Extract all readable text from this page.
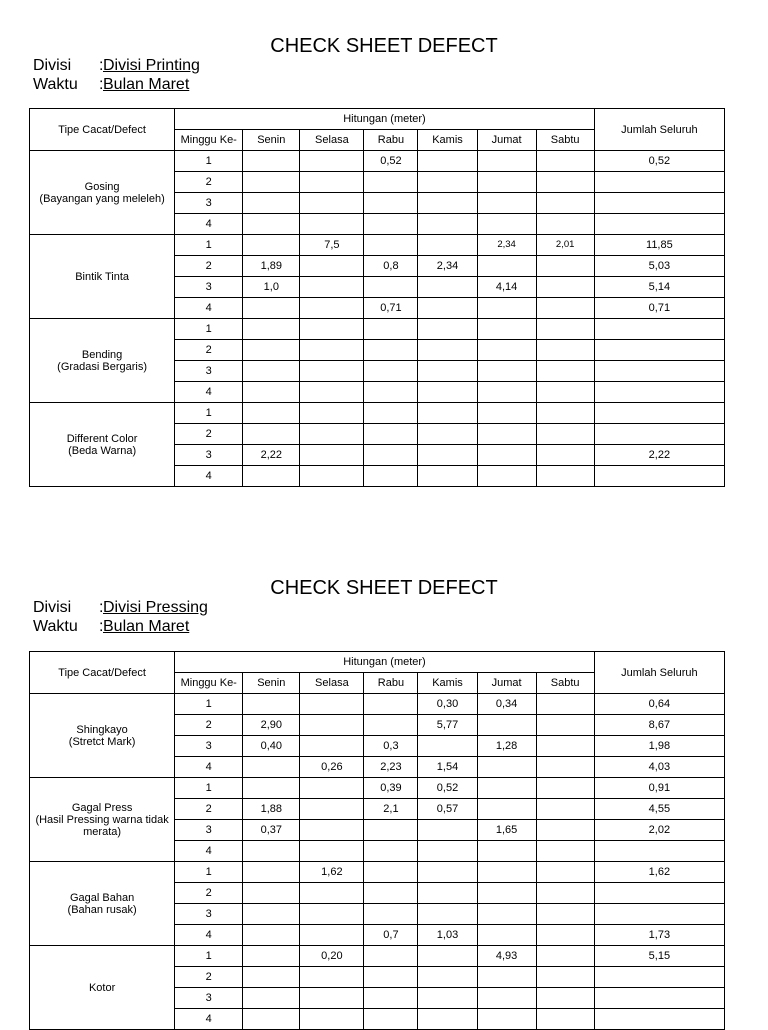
CHECK SHEET DEFECT
Divisi	: Divisi Printing
Waktu	: Bulan Maret
Tipe Cacat/Defect	Hitungan (meter)							Jumlah Seluruh
	Minggu Ke-	Senin	Selasa	Rabu	Kamis	Jumat	Sabtu	

Gosing
(Bayangan yang meleleh)	1			0,52				0,52
	2							
	3							
	4							

Bintik Tinta	1		7,5			2,34	2,01	11,85
	2	1,89		0,8	2,34			5,03
	3	1,0				4,14		5,14
	4			0,71				0,71

Bending
(Gradasi Bergaris)	1							
	2							
	3							
	4							

Different Color
(Beda Warna)	1							
	2							
	3	2,22						2,22
	4							
CHECK SHEET DEFECT
Divisi	: Divisi Pressing
Waktu	: Bulan Maret
Tipe Cacat/Defect	Hitungan (meter)							Jumlah Seluruh
	Minggu Ke-	Senin	Selasa	Rabu	Kamis	Jumat	Sabtu	

Shingkayo
(Stretct Mark)	1				0,30	0,34		0,64
	2	2,90			5,77			8,67
	3	0,40		0,3		1,28		1,98
	4		0,26	2,23	1,54			4,03

Gagal Press
(Hasil Pressing warna tidak merata)	1			0,39	0,52			0,91
	2	1,88		2,1	0,57			4,55
	3	0,37				1,65		2,02
	4							

Gagal Bahan
(Bahan rusak)	1		1,62					1,62
	2							
	3							
	4			0,7	1,03			1,73

Kotor	1		0,20			4,93		5,15
	2							
	3							
	4							
